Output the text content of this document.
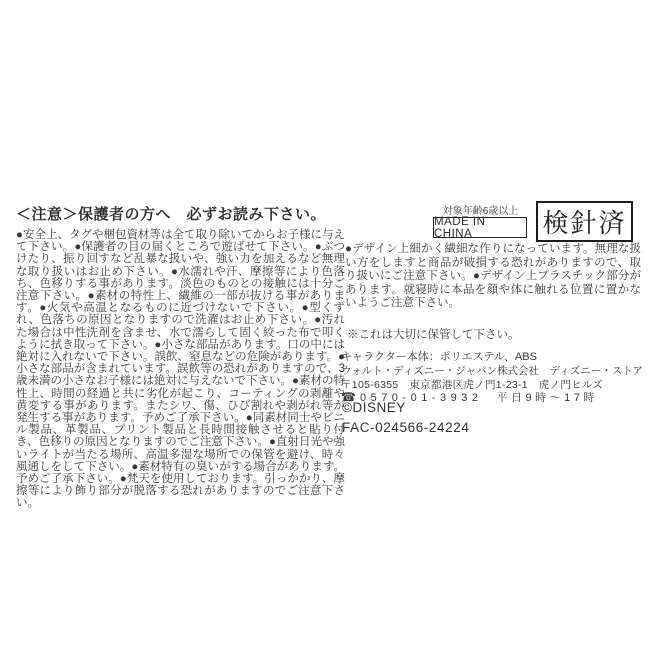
＜注意＞保護者の方へ　必ずお読み下さい。
●安全上、タグや梱包資材等は全て取り除いてからお子様に与えて下さい。●保護者の目の届くところで遊ばせて下さい。●ぶつけたり、振り回すなど乱暴な扱いや、強い力を加えるなど無理な取り扱いはお止め下さい。●水濡れや汗、摩擦等により色落ち、色移りする事があります。淡色のものとの接触には十分ご注意下さい。●素材の特性上、繊維の一部が抜ける事があります。●火気や高温となるものに近づけないで下さい。●型くずれ、色落ちの原因となりますので洗濯はお止め下さい。●汚れた場合は中性洗剤を含ませ、水で濡らして固く絞った布で叩くように拭き取って下さい。●小さな部品があります。口の中には絶対に入れないで下さい。誤飲、窒息などの危険があります。●小さな部品が含まれています。誤飲等の恐れがありますので、3歳未満の小さなお子様には絶対に与えないで下さい。●素材の特性上、時間の経過と共に劣化が起こり、コーティングの剥離や黄変する事があります。またシワ、傷、ひび割れや剥がれ等が発生する事があります。予めご了承下さい。●同素材同士やビニル製品、革製品、プリント製品と長時間接触させると貼り付き、色移りの原因となりますのでご注意下さい。●直射日光や強いライトが当たる場所、高温多湿な場所での保管を避け、時々風通しをして下さい。●素材特有の臭いがする場合があります。予めご了承下さい。●梵天を使用しております。引っかかり、摩擦等により飾り部分が脱落する恐れがありますのでご注意下さい。
対象年齢6歳以上
MADE IN CHINA	検針済
●デザイン上細かく繊細な作りになっています。無理な扱い方をしますと商品が破損する恐れがありますので、取り扱いにご注意下さい。●デザイン上プラスチック部分があります。就寝時に本品を顔や体に触れる位置に置かないようご注意下さい。
※これは大切に保管して下さい。
キャラクター本体：ポリエステル、ABS
ウォルト・ディズニー・ジャパン株式会社　ディズニー・ストア
〒105-6355　東京都港区虎ノ門1-23-1　虎ノ門ヒルズ
☎ 0570-01-3932 平日9時～17時
©DISNEY
FAC-024566-24224
